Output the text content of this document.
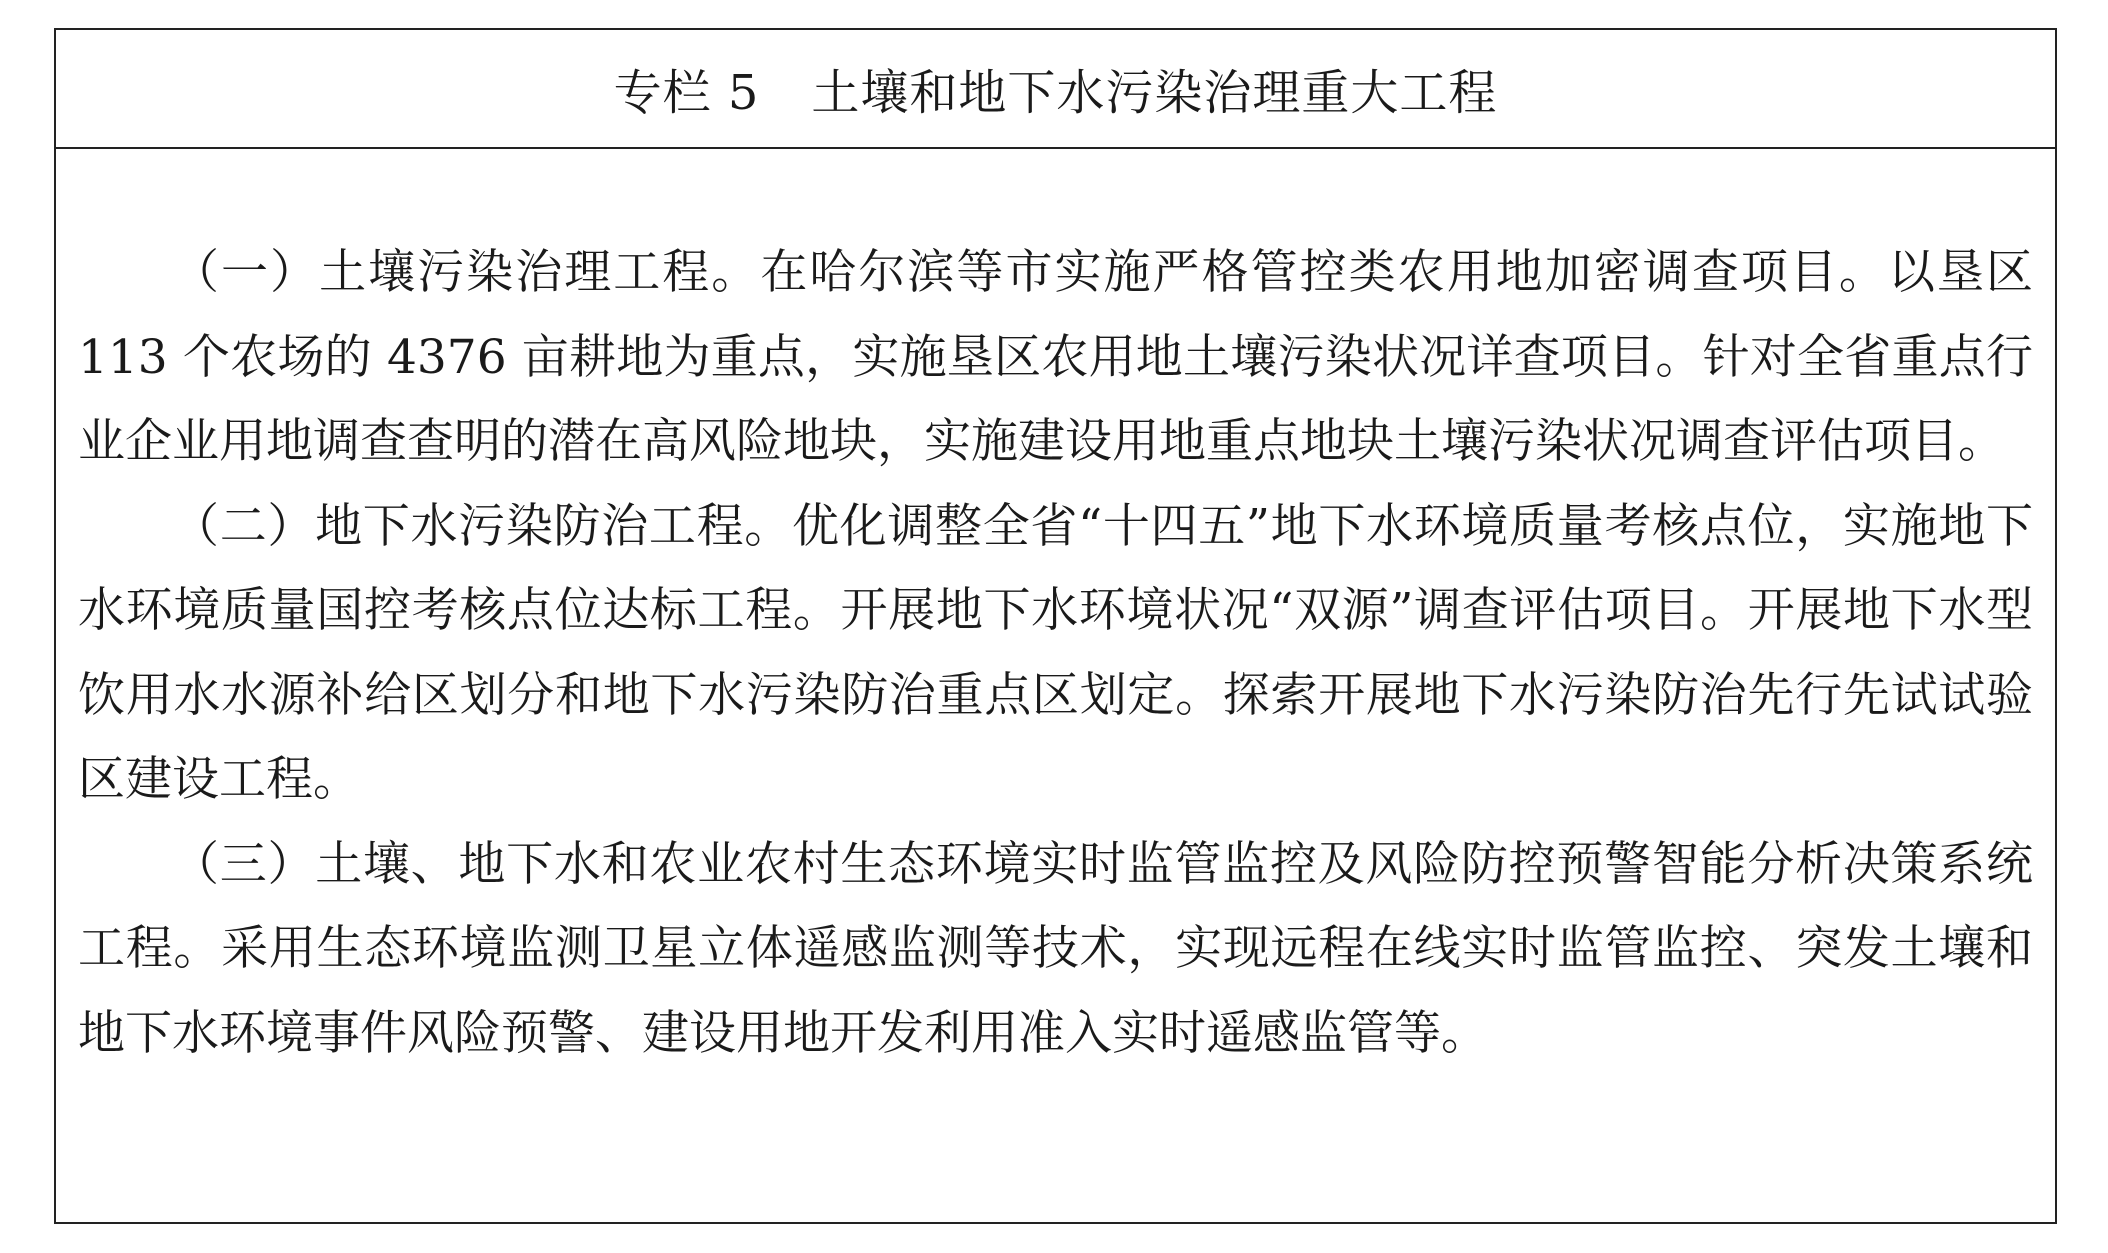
专栏 5 土壤和地下水污染治理重大工程

（一）土壤污染治理工程。在哈尔滨等市实施严格管控类农用地加密调查项目。以垦区 113 个农场的 4376 亩耕地为重点，实施垦区农用地土壤污染状况详查项目。针对全省重点行业企业用地调查查明的潜在高风险地块，实施建设用地重点地块土壤污染状况调查评估项目。

（二）地下水污染防治工程。优化调整全省“十四五”地下水环境质量考核点位，实施地下水环境质量国控考核点位达标工程。开展地下水环境状况“双源”调查评估项目。开展地下水型饮用水水源补给区划分和地下水污染防治重点区划定。探索开展地下水污染防治先行先试试验区建设工程。

（三）土壤、地下水和农业农村生态环境实时监管监控及风险防控预警智能分析决策系统工程。采用生态环境监测卫星立体遥感监测等技术，实现远程在线实时监管监控、突发土壤和地下水环境事件风险预警、建设用地开发利用准入实时遥感监管等。
